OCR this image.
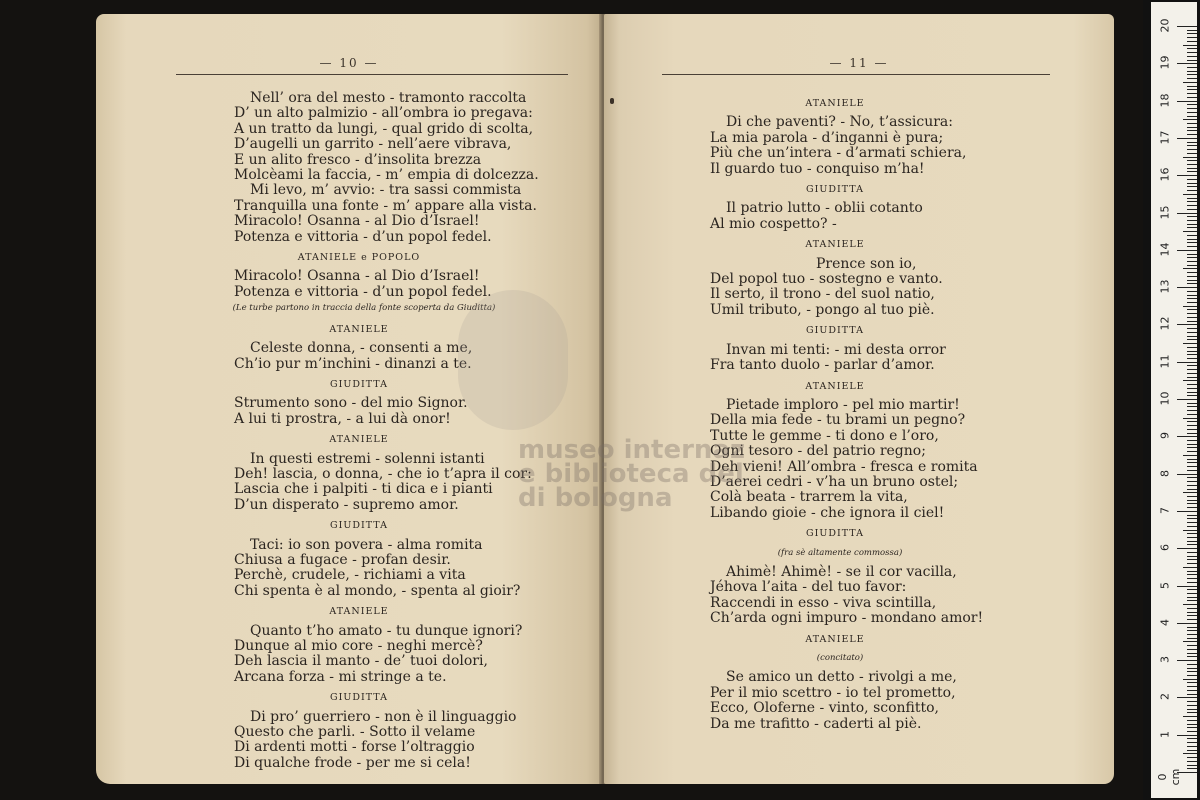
— 10 —
Nell’ ora del mesto - tramonto raccolta
D’ un alto palmizio - all’ombra io pregava:
A un tratto da lungi, - qual grido di scolta,
D’augelli un garrito - nell’aere vibrava,
E un alito fresco - d’insolita brezza
Molcèami la faccia, - m’ empia di dolcezza.
Mi levo, m’ avvio: - tra sassi commista
Tranquilla una fonte - m’ appare alla vista.
Miracolo! Osanna - al Dio d’Israel!
Potenza e vittoria - d’un popol fedel.
ATANIELE e POPOLO
Miracolo! Osanna - al Dio d’Israel!
Potenza e vittoria - d’un popol fedel.
(Le turbe partono in traccia della fonte scoperta da Giuditta)
ATANIELE
Celeste donna, - consenti a me,
Ch’io pur m’inchini - dinanzi a te.
GIUDITTA
Strumento sono - del mio Signor.
A lui ti prostra, - a lui dà onor!
ATANIELE
In questi estremi - solenni istanti
Deh! lascia, o donna, - che io t’apra il cor:
Lascia che i palpiti - ti dica e i pianti
D’un disperato - supremo amor.
GIUDITTA
Taci: io son povera - alma romita
Chiusa a fugace - profan desir.
Perchè, crudele, - richiami a vita
Chi spenta è al mondo, - spenta al gioir?
ATANIELE
Quanto t’ho amato - tu dunque ignori?
Dunque al mio core - neghi mercè?
Deh lascia il manto - de’ tuoi dolori,
Arcana forza - mi stringe a te.
GIUDITTA
Di pro’ guerriero - non è il linguaggio
Questo che parli. - Sotto il velame
Di ardenti motti - forse l’oltraggio
Di qualche frode - per me si cela!
— 11 —
ATANIELE
Di che paventi? - No, t’assicura:
La mia parola - d’inganni è pura;
Più che un’intera - d’armati schiera,
Il guardo tuo - conquiso m’ha!
GIUDITTA
Il patrio lutto - oblii cotanto
Al mio cospetto? -
ATANIELE
Prence son io,
Del popol tuo - sostegno e vanto.
Il serto, il trono - del suol natio,
Umil tributo, - pongo al tuo piè.
GIUDITTA
Invan mi tenti: - mi desta orror
Fra tanto duolo - parlar d’amor.
ATANIELE
Pietade imploro - pel mio martir!
Della mia fede - tu brami un pegno?
Tutte le gemme - ti dono e l’oro,
Ogni tesoro - del patrio regno;
Deh vieni! All’ombra - fresca e romita
D’aerei cedri - v’ha un bruno ostel;
Colà beata - trarrem la vita,
Libando gioie - che ignora il ciel!
GIUDITTA
(fra sè altamente commossa)
Ahimè! Ahimè! - se il cor vacilla,
Jéhova l’aita - del tuo favor:
Raccendi in esso - viva scintilla,
Ch’arda ogni impuro - mondano amor!
ATANIELE
(concitato)
Se amico un detto - rivolgi a me,
Per il mio scettro - io tel prometto,
Ecco, Oloferne - vinto, sconfitto,
Da me trafitto - caderti al piè.
museo internaz
e biblioteca del
di bologna
0 cm
1
2
3
4
5
6
7
8
9
10
11
12
13
14
15
16
17
18
19
20
